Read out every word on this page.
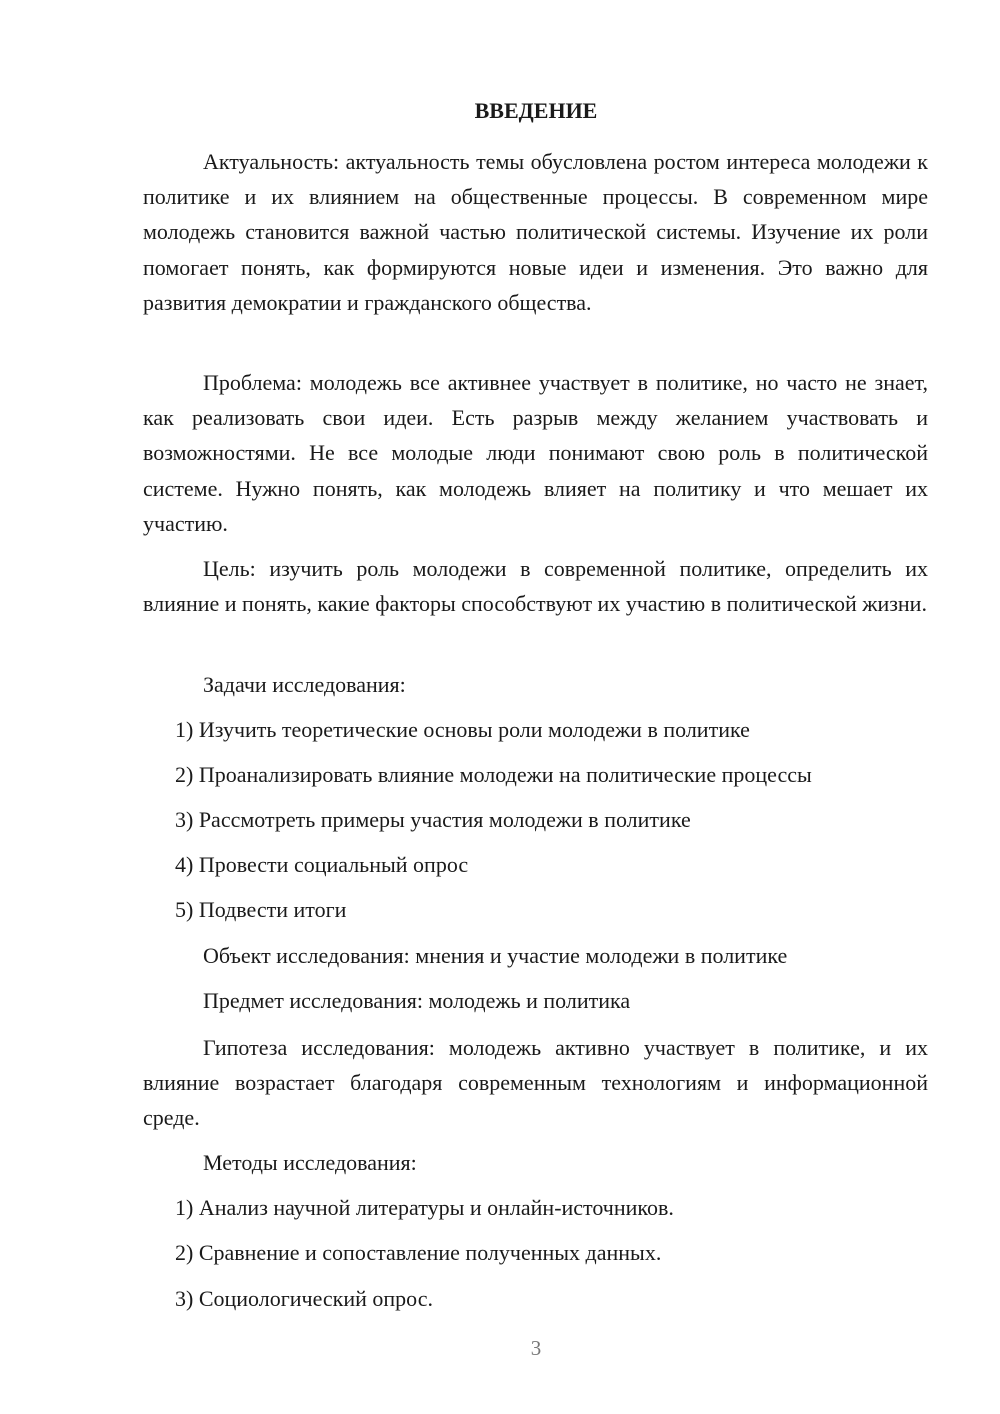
ВВЕДЕНИЕ

Актуальность: актуальность темы обусловлена ростом интереса молодежи к политике и их влиянием на общественные процессы. В современном мире молодежь становится важной частью политической системы. Изучение их роли помогает понять, как формируются новые идеи и изменения. Это важно для развития демократии и гражданского общества.

Проблема: молодежь все активнее участвует в политике, но часто не знает, как реализовать свои идеи. Есть разрыв между желанием участвовать и возможностями. Не все молодые люди понимают свою роль в политической системе. Нужно понять, как молодежь влияет на политику и что мешает их участию.

Цель: изучить роль молодежи в современной политике, определить их влияние и понять, какие факторы способствуют их участию в политической жизни.

Задачи исследования:

1) Изучить теоретические основы роли молодежи в политике

2) Проанализировать влияние молодежи на политические процессы

3) Рассмотреть примеры участия молодежи в политике

4) Провести социальный опрос

5) Подвести итоги

Объект исследования: мнения и участие молодежи в политике

Предмет исследования: молодежь и политика

Гипотеза исследования: молодежь активно участвует в политике, и их влияние возрастает благодаря современным технологиям и информационной среде.

Методы исследования:

1) Анализ научной литературы и онлайн-источников.

2) Сравнение и сопоставление полученных данных.

3) Социологический опрос.

3
